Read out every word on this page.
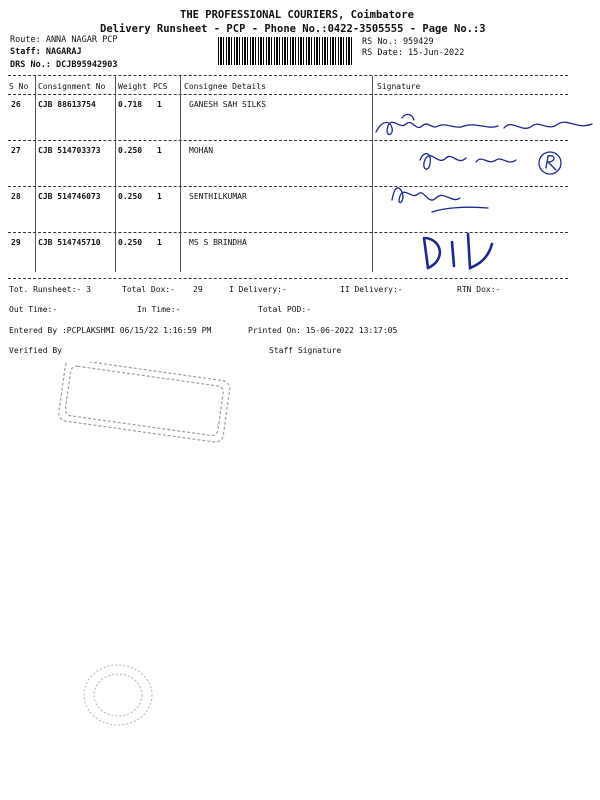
THE PROFESSIONAL COURIERS, Coimbatore
Delivery Runsheet - PCP - Phone No.:0422-3505555 - Page No.:3
Route: ANNA NAGAR PCP
Staff: NAGARAJ
DRS No.: DCJB95942903
RS No.: 959429
RS Date: 15-Jun-2022
S No Consignment No Weight PCS Consignee Details	Signature
26 CJB 88613754	0.718 1	GANESH SAH SILKS
27 CJB 514703373 0.250 1	MOHAN
28 CJB 514746073 0.250 1	SENTHILKUMAR
29 CJB 514745710 0.250 1	MS S BRINDHA
Tot. Runsheet:- 3	Total Dox:- 29	I Delivery:-	II Delivery:-	RTN Dox:-
Out Time:-	In Time:-	Total POD:-
Entered By :PCPLAKSHMI 06/15/22 1:16:59 PM	Printed On: 15-06-2022 13:17:05
Verified By	Staff Signature
